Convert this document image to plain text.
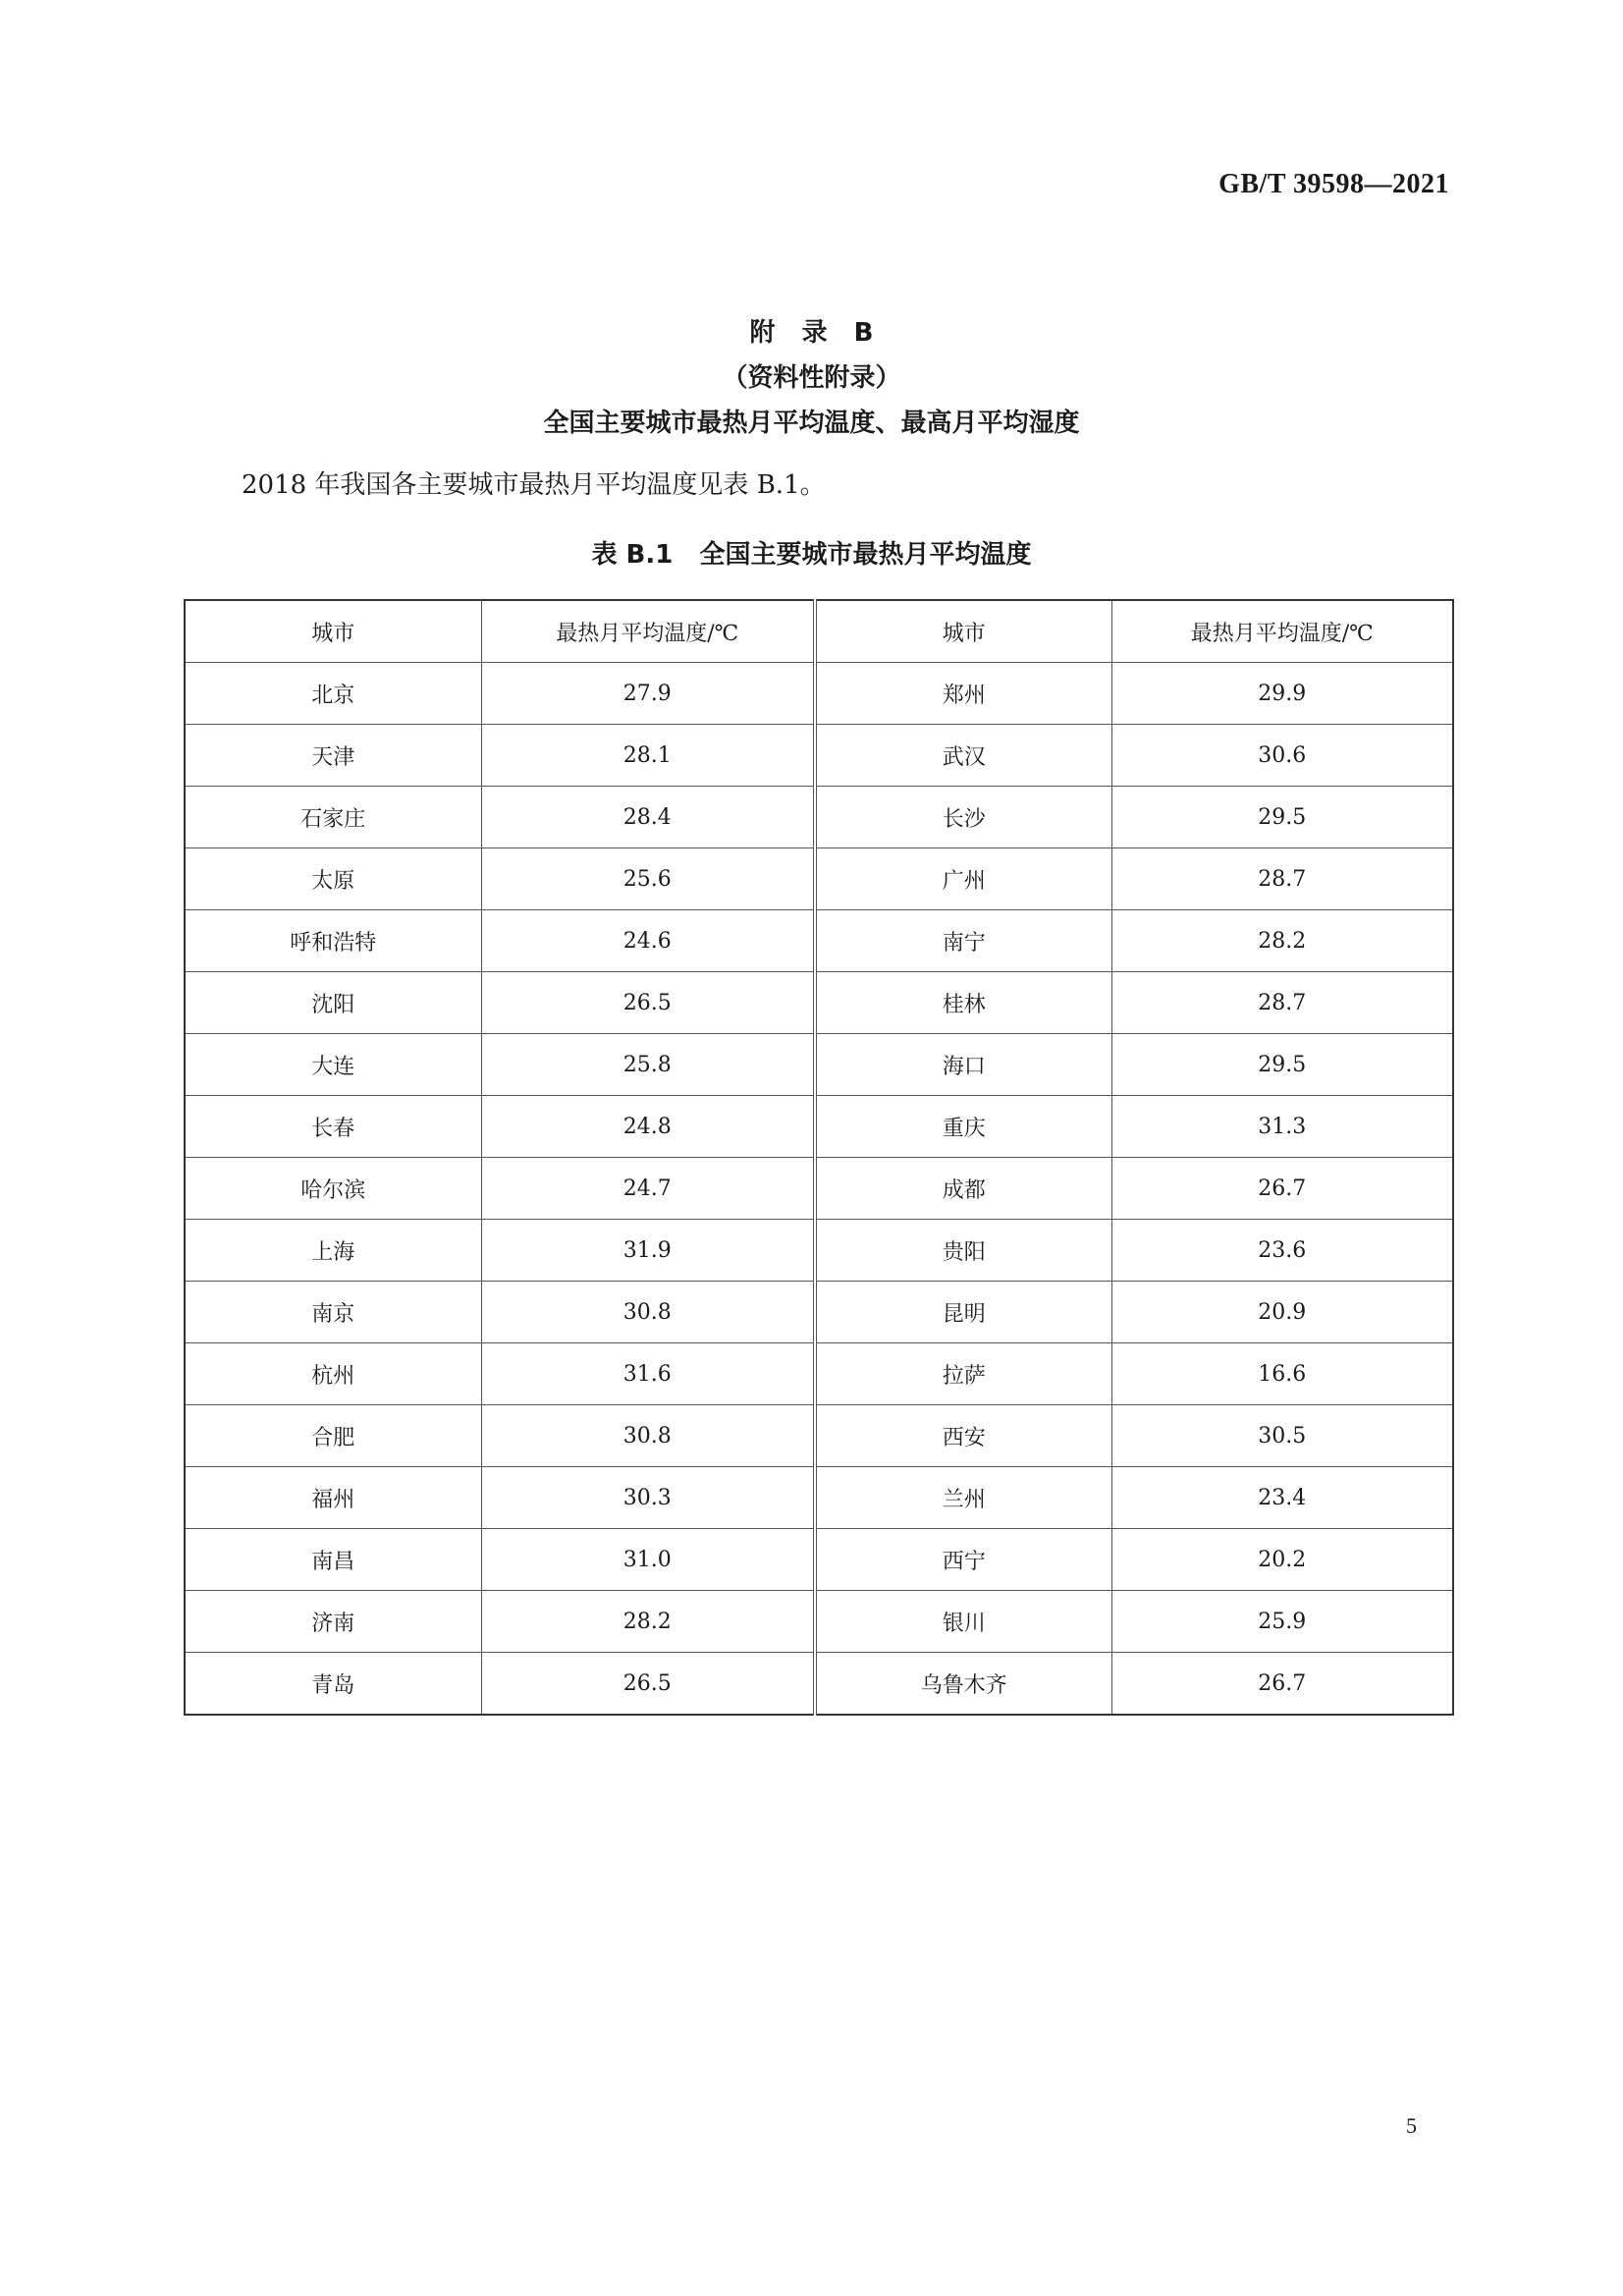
GB/T 39598—2021
附 录 B
（资料性附录）
全国主要城市最热月平均温度、最高月平均湿度
2018 年我国各主要城市最热月平均温度见表 B.1。
表 B.1   全国主要城市最热月平均温度
城市	最热月平均温度/℃	城市	最热月平均温度/℃
北京	27.9	郑州	29.9
天津	28.1	武汉	30.6
石家庄	28.4	长沙	29.5
太原	25.6	广州	28.7
呼和浩特	24.6	南宁	28.2
沈阳	26.5	桂林	28.7
大连	25.8	海口	29.5
长春	24.8	重庆	31.3
哈尔滨	24.7	成都	26.7
上海	31.9	贵阳	23.6
南京	30.8	昆明	20.9
杭州	31.6	拉萨	16.6
合肥	30.8	西安	30.5
福州	30.3	兰州	23.4
南昌	31.0	西宁	20.2
济南	28.2	银川	25.9
青岛	26.5	乌鲁木齐	26.7
5
